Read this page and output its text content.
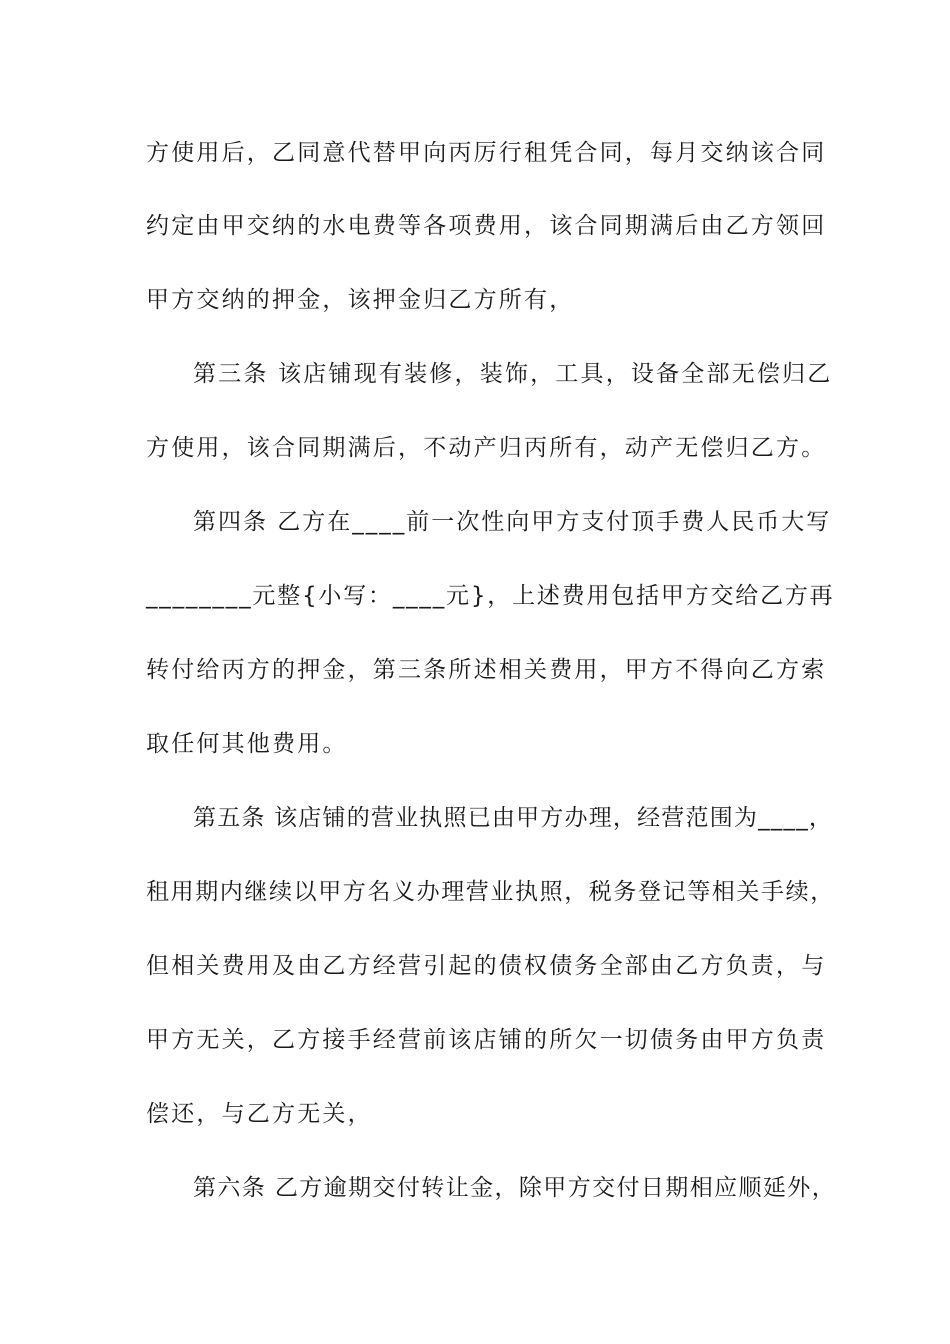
方使用后，乙同意代替甲向丙厉行租凭合同，每月交纳该合同
约定由甲交纳的水电费等各项费用，该合同期满后由乙方领回
甲方交纳的押金，该押金归乙方所有，
第三条 该店铺现有装修，装饰，工具，设备全部无偿归乙
方使用，该合同期满后，不动产归丙所有，动产无偿归乙方。
第四条 乙方在____前一次性向甲方支付顶手费人民币大写
________元整{小写：____元}，上述费用包括甲方交给乙方再
转付给丙方的押金，第三条所述相关费用，甲方不得向乙方索
取任何其他费用。
第五条 该店铺的营业执照已由甲方办理，经营范围为____，
租用期内继续以甲方名义办理营业执照，税务登记等相关手续，
但相关费用及由乙方经营引起的债权债务全部由乙方负责，与
甲方无关，乙方接手经营前该店铺的所欠一切债务由甲方负责
偿还，与乙方无关，
第六条 乙方逾期交付转让金，除甲方交付日期相应顺延外，
